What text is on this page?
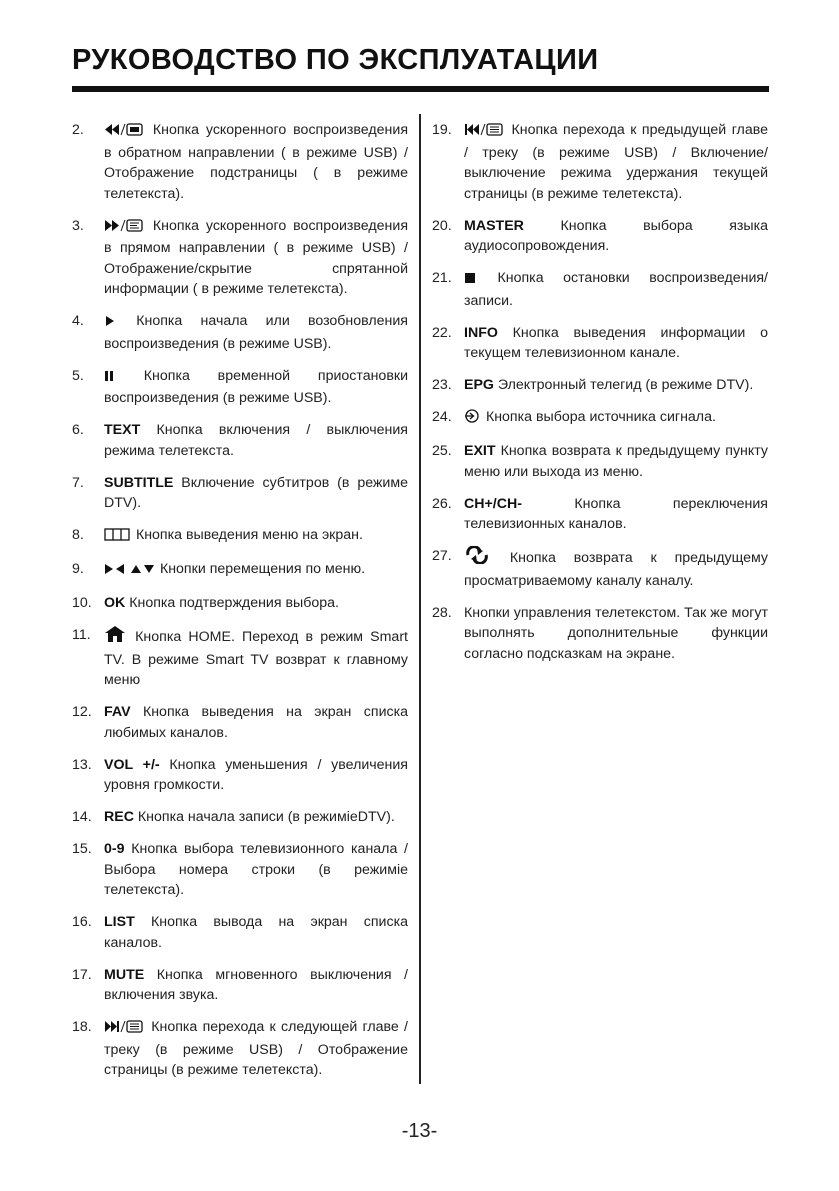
РУКОВОДСТВО ПО ЭКСПЛУАТАЦИИ
2.	Кнопка ускоренного воспроизведения в обратном направлении ( в режиме USB) / Отображение подстраницы ( в режиме телетекста).
3.	Кнопка ускоренного воспроизведения в прямом направлении ( в режиме USB) / Отображение/скрытие спрятанной информации ( в режиме телетекста).
4. Кнопка начала или возобновления воспроизведения (в режиме USB).
5. Кнопка временной приостановки воспроизведения (в режиме USB).
6. TEXT Кнопка включения / выключения режима телетекста.
7. SUBTITLE Включение субтитров (в режиме DTV).
8.	Кнопка выведения меню на экран.
9.	Кнопки перемещения по меню.
10. OK Кнопка подтверждения выбора.
11.	Кнопка HOME. Переход в режим Smart TV. В режиме Smart TV возврат к главному меню
12. FAV Кнопка выведения на экран списка любимых каналов.
13. VOL +/- Кнопка уменьшения / увеличения уровня громкости.
14. REC Кнопка начала записи (в режимieDTV).
15. 0-9 Кнопка выбора телевизионного канала / Выбора номера строки (в режимiе телетекста).
16. LIST Кнопка вывода на экран списка каналов.
17. MUTE Кнопка мгновенного выключения / включения звука.
18.	Кнопка перехода к следующей главе / треку (в режиме USB) / Отображение страницы (в режиме телетекста).
19.	Кнопка перехода к предыдущей главе / треку (в режиме USB) / Включение/ выключение режима удержания текущей страницы (в режиме телетекста).
20. MASTER Кнопка выбора языка аудиосопровождения.
21. Кнопка остановки воспроизведения/ записи.
22. INFO Кнопка выведения информации о текущем телевизионном канале.
23. EPG Электронный телегид (в режиме DTV).
24. Кнопка выбора источника сигнала.
25. EXIT Кнопка возврата к предыдущему пункту меню или выхода из меню.
26. CH+/CH- Кнопка переключения телевизионных каналов.
27.	Кнопка возврата к предыдущему просматриваемому каналу каналу.
28. Кнопки управления телетекстом. Так же могут выполнять дополнительные функции согласно подсказкам на экране.
-13-
